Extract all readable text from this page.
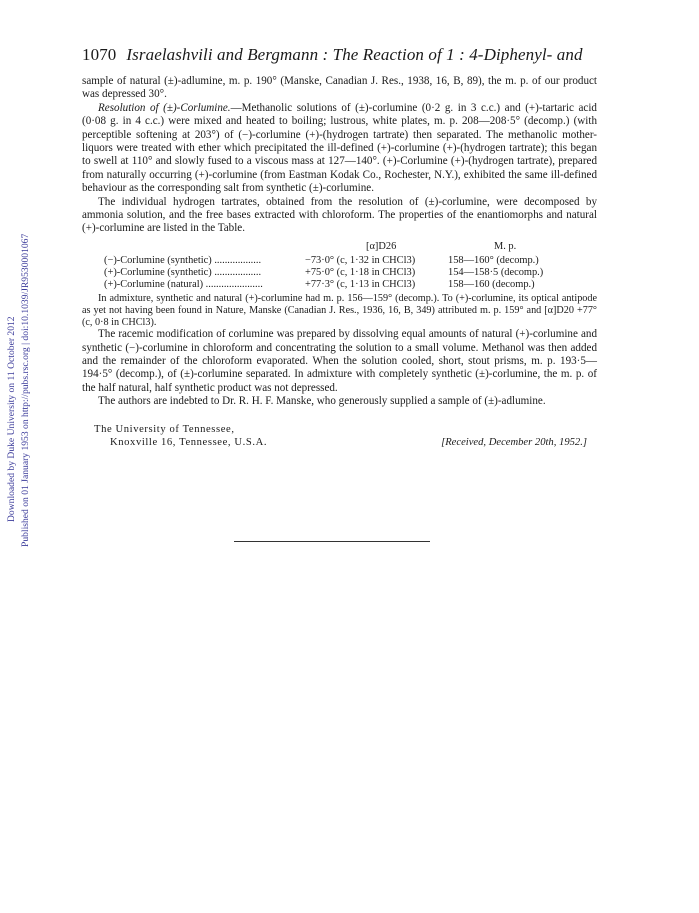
Downloaded by Duke University on 11 October 2012 Published on 01 January 1953 on http://pubs.rsc.org | doi:10.1039/JR9530001067
1070 Israelashvili and Bergmann : The Reaction of 1 : 4-Diphenyl- and

sample of natural (±)-adlumine, m. p. 190° (Manske, Canadian J. Res., 1938, 16, B, 89), the m. p. of our product was depressed 30°.

Resolution of (±)-Corlumine.—Methanolic solutions of (±)-corlumine (0·2 g. in 3 c.c.) and (+)-tartaric acid (0·08 g. in 4 c.c.) were mixed and heated to boiling; lustrous, white plates, m. p. 208—208·5° (decomp.) (with perceptible softening at 203°) of (−)-corlumine (+)-(hydrogen tartrate) then separated. The methanolic mother-liquors were treated with ether which precipitated the ill-defined (+)-corlumine (+)-(hydrogen tartrate); this began to swell at 110° and slowly fused to a viscous mass at 127—140°. (+)-Corlumine (+)-(hydrogen tartrate), prepared from naturally occurring (+)-corlumine (from Eastman Kodak Co., Rochester, N.Y.), exhibited the same ill-defined behaviour as the corresponding salt from synthetic (±)-corlumine.

The individual hydrogen tartrates, obtained from the resolution of (±)-corlumine, were decomposed by ammonia solution, and the free bases extracted with chloroform. The properties of the enantiomorphs and natural (+)-corlumine are listed in the Table.

[α]D26	M. p.
(−)-Corlumine (synthetic) ..................	−73·0° (c, 1·32 in CHCl3)	158—160° (decomp.)
(+)-Corlumine (synthetic) ..................	+75·0° (c, 1·18 in CHCl3)	154—158·5 (decomp.)
(+)-Corlumine (natural) ......................	+77·3° (c, 1·13 in CHCl3)	158—160 (decomp.)

In admixture, synthetic and natural (+)-corlumine had m. p. 156—159° (decomp.). To (+)-corlumine, its optical antipode as yet not having been found in Nature, Manske (Canadian J. Res., 1936, 16, B, 349) attributed m. p. 159° and [α]D20 +77° (c, 0·8 in CHCl3).

The racemic modification of corlumine was prepared by dissolving equal amounts of natural (+)-corlumine and synthetic (−)-corlumine in chloroform and concentrating the solution to a small volume. Methanol was then added and the remainder of the chloroform evaporated. When the solution cooled, short, stout prisms, m. p. 193·5—194·5° (decomp.), of (±)-corlumine separated. In admixture with completely synthetic (±)-corlumine, the m. p. of the half natural, half synthetic product was not depressed.

The authors are indebted to Dr. R. H. F. Manske, who generously supplied a sample of (±)-adlumine.

The University of Tennessee,
Knoxville 16, Tennessee, U.S.A.	[Received, December 20th, 1952.]
